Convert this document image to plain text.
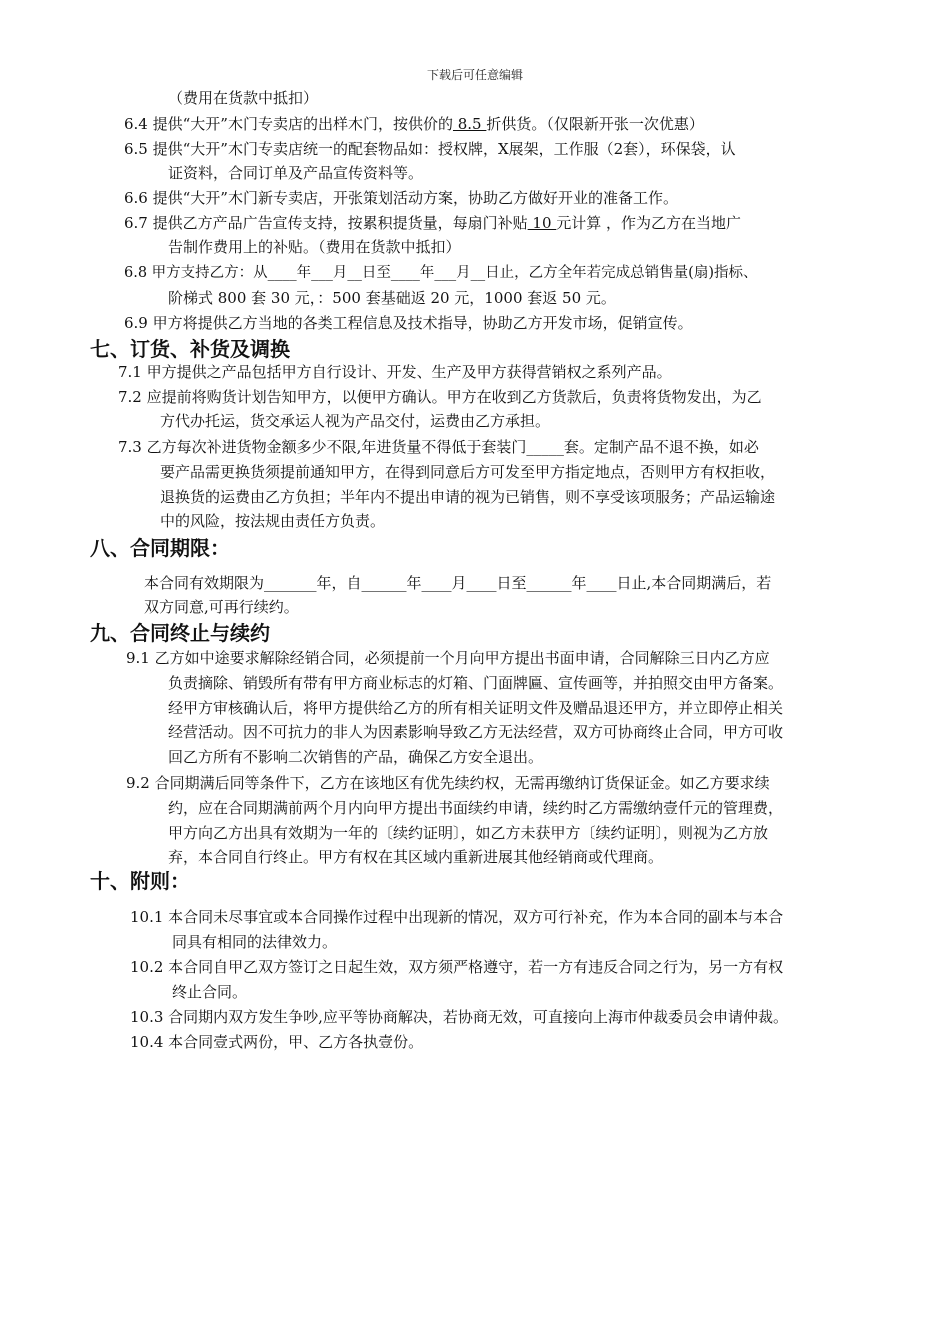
下载后可任意编辑
（费用在货款中抵扣）
6.4 提供“大开”木门专卖店的出样木门，按供价的 8.5 折供货。（仅限新开张一次优惠）
6.5 提供“大开”木门专卖店统一的配套物品如：授权牌，X展架，工作服（2套），环保袋，认
证资料，合同订单及产品宣传资料等。
6.6 提供“大开”木门新专卖店，开张策划活动方案，协助乙方做好开业的准备工作。
6.7 提供乙方产品广告宣传支持，按累积提货量，每扇门补贴 10 元计算 ，作为乙方在当地广
告制作费用上的补贴。（费用在货款中抵扣）
6.8 甲方支持乙方：从____年___月__日至____年___月__日止，乙方全年若完成总销售量(扇)指标、
阶梯式 800 套 30 元，：500 套基础返 20 元，1000 套返 50 元。
6.9 甲方将提供乙方当地的各类工程信息及技术指导，协助乙方开发市场，促销宣传。
七、订货、补货及调换
7.1 甲方提供之产品包括甲方自行设计、开发、生产及甲方获得营销权之系列产品。
7.2 应提前将购货计划告知甲方，以便甲方确认。甲方在收到乙方货款后，负责将货物发出，为乙
方代办托运，货交承运人视为产品交付，运费由乙方承担。
7.3 乙方每次补进货物金额多少不限,年进货量不得低于套装门_____套。定制产品不退不换，如必
要产品需更换货须提前通知甲方，在得到同意后方可发至甲方指定地点，否则甲方有权拒收，
退换货的运费由乙方负担；半年内不提出申请的视为已销售，则不享受该项服务；产品运输途
中的风险，按法规由责任方负责。
八、合同期限：
本合同有效期限为_______年，自______年____月____日至______年____日止,本合同期满后，若
双方同意,可再行续约。
九、合同终止与续约
9.1 乙方如中途要求解除经销合同，必须提前一个月向甲方提出书面申请，合同解除三日内乙方应
负责摘除、销毁所有带有甲方商业标志的灯箱、门面牌匾、宣传画等，并拍照交由甲方备案。
经甲方审核确认后，将甲方提供给乙方的所有相关证明文件及赠品退还甲方，并立即停止相关
经营活动。因不可抗力的非人为因素影响导致乙方无法经营，双方可协商终止合同，甲方可收
回乙方所有不影响二次销售的产品，确保乙方安全退出。
9.2 合同期满后同等条件下，乙方在该地区有优先续约权，无需再缴纳订货保证金。如乙方要求续
约，应在合同期满前两个月内向甲方提出书面续约申请，续约时乙方需缴纳壹仟元的管理费，
甲方向乙方出具有效期为一年的〔续约证明〕，如乙方未获甲方〔续约证明〕，则视为乙方放
弃，本合同自行终止。甲方有权在其区域内重新进展其他经销商或代理商。
十、附则：
10.1 本合同未尽事宜或本合同操作过程中出现新的情况，双方可行补充，作为本合同的副本与本合
同具有相同的法律效力。
10.2 本合同自甲乙双方签订之日起生效，双方须严格遵守，若一方有违反合同之行为，另一方有权
终止合同。
10.3 合同期内双方发生争吵,应平等协商解决，若协商无效，可直接向上海市仲裁委员会申请仲裁。
10.4 本合同壹式两份，甲、乙方各执壹份。
